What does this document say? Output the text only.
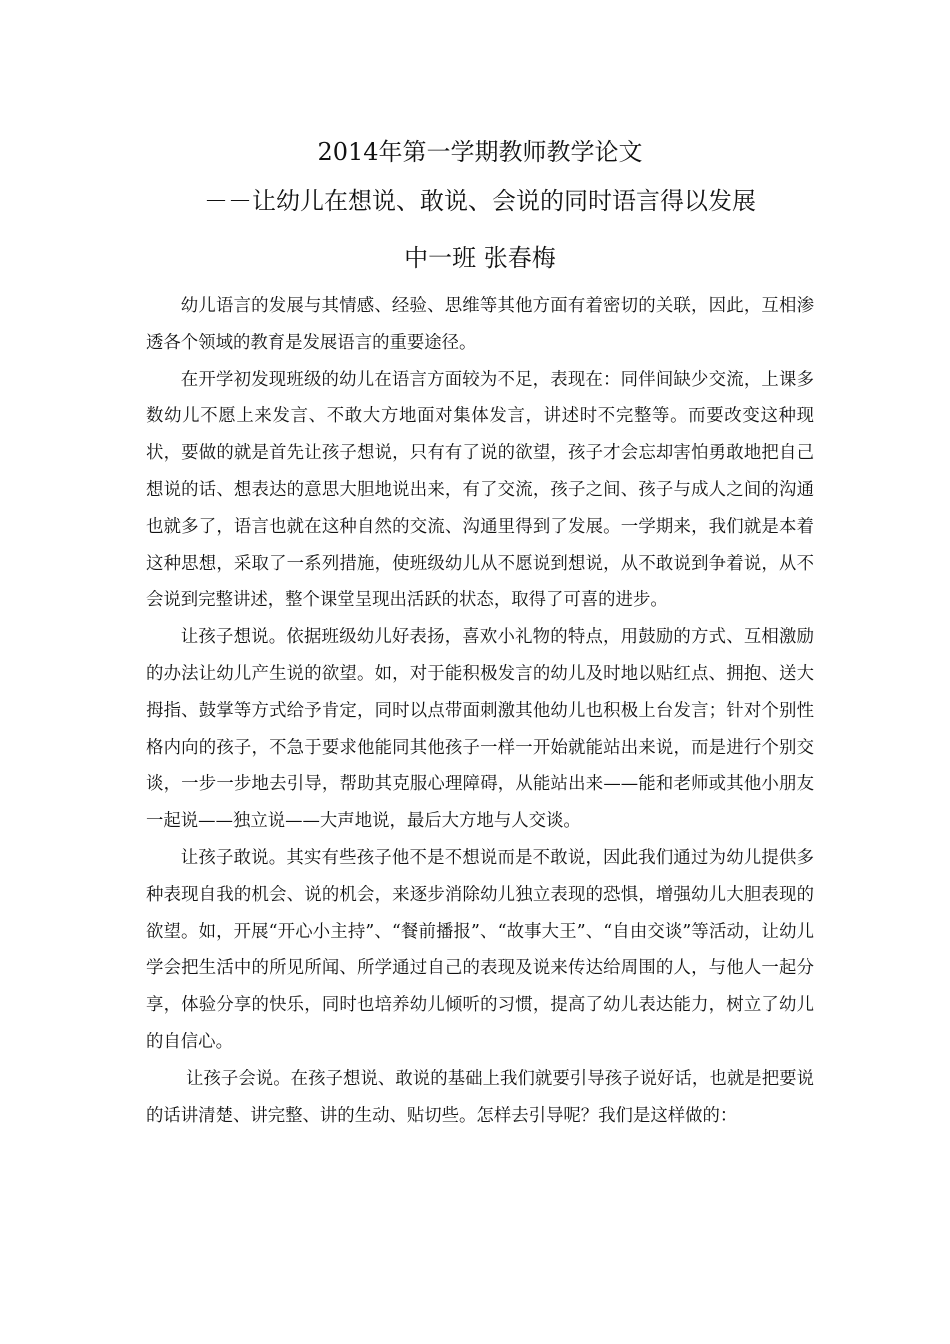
2014年第一学期教师教学论文
－－让幼儿在想说、敢说、会说的同时语言得以发展
中一班 张春梅

幼儿语言的发展与其情感、经验、思维等其他方面有着密切的关联，因此，互相渗透各个领域的教育是发展语言的重要途径。

在开学初发现班级的幼儿在语言方面较为不足，表现在：同伴间缺少交流，上课多数幼儿不愿上来发言、不敢大方地面对集体发言，讲述时不完整等。而要改变这种现状，要做的就是首先让孩子想说，只有有了说的欲望，孩子才会忘却害怕勇敢地把自己想说的话、想表达的意思大胆地说出来，有了交流，孩子之间、孩子与成人之间的沟通也就多了，语言也就在这种自然的交流、沟通里得到了发展。一学期来，我们就是本着这种思想，采取了一系列措施，使班级幼儿从不愿说到想说，从不敢说到争着说，从不会说到完整讲述，整个课堂呈现出活跃的状态，取得了可喜的进步。

让孩子想说。依据班级幼儿好表扬，喜欢小礼物的特点，用鼓励的方式、互相激励的办法让幼儿产生说的欲望。如，对于能积极发言的幼儿及时地以贴红点、拥抱、送大拇指、鼓掌等方式给予肯定，同时以点带面刺激其他幼儿也积极上台发言；针对个别性格内向的孩子，不急于要求他能同其他孩子一样一开始就能站出来说，而是进行个别交谈，一步一步地去引导，帮助其克服心理障碍，从能站出来——能和老师或其他小朋友一起说——独立说——大声地说，最后大方地与人交谈。

让孩子敢说。其实有些孩子他不是不想说而是不敢说，因此我们通过为幼儿提供多种表现自我的机会、说的机会，来逐步消除幼儿独立表现的恐惧，增强幼儿大胆表现的欲望。如，开展“开心小主持”、“餐前播报”、“故事大王”、“自由交谈”等活动，让幼儿学会把生活中的所见所闻、所学通过自己的表现及说来传达给周围的人，与他人一起分享，体验分享的快乐，同时也培养幼儿倾听的习惯，提高了幼儿表达能力，树立了幼儿的自信心。

让孩子会说。在孩子想说、敢说的基础上我们就要引导孩子说好话，也就是把要说的话讲清楚、讲完整、讲的生动、贴切些。怎样去引导呢？我们是这样做的：
